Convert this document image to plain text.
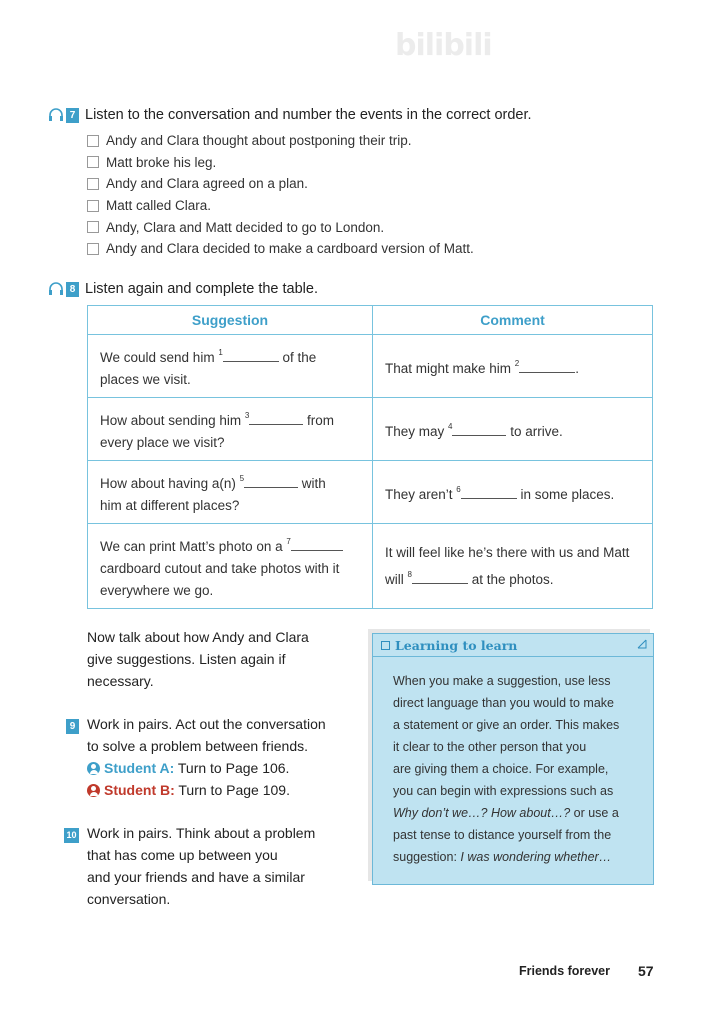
bilibili
7 Listen to the conversation and number the events in the correct order.
Andy and Clara thought about postponing their trip.
Matt broke his leg.
Andy and Clara agreed on a plan.
Matt called Clara.
Andy, Clara and Matt decided to go to London.
Andy and Clara decided to make a cardboard version of Matt.
8 Listen again and complete the table.
Suggestion	Comment
We could send him $^1$ of the
places we visit.	That might make him $^2$ .
How about sending him $^3$ from
every place we visit?	They may $^4$ to arrive.
How about having a(n) $^5$ with
him at different places?	They aren’t $^6$ in some places.
We can print Matt’s photo on a $^7$
cardboard cutout and take photos with it
everywhere we go.	It will feel like he’s there with us and Matt
will $^8$ at the photos.
Now talk about how Andy and Clara
give suggestions. Listen again if
necessary.
9 Work in pairs. Act out the conversation
to solve a problem between friends.
Student A: Turn to Page 106.
Student B: Turn to Page 109.
10 Work in pairs. Think about a problem
that has come up between you
and your friends and have a similar
conversation.
Learning to learn
When you make a suggestion, use less
direct language than you would to make
a statement or give an order. This makes
it clear to the other person that you
are giving them a choice. For example,
you can begin with expressions such as
Why don’t we…? How about…? or use a
past tense to distance yourself from the
suggestion: I was wondering whether…
Friends forever 57
